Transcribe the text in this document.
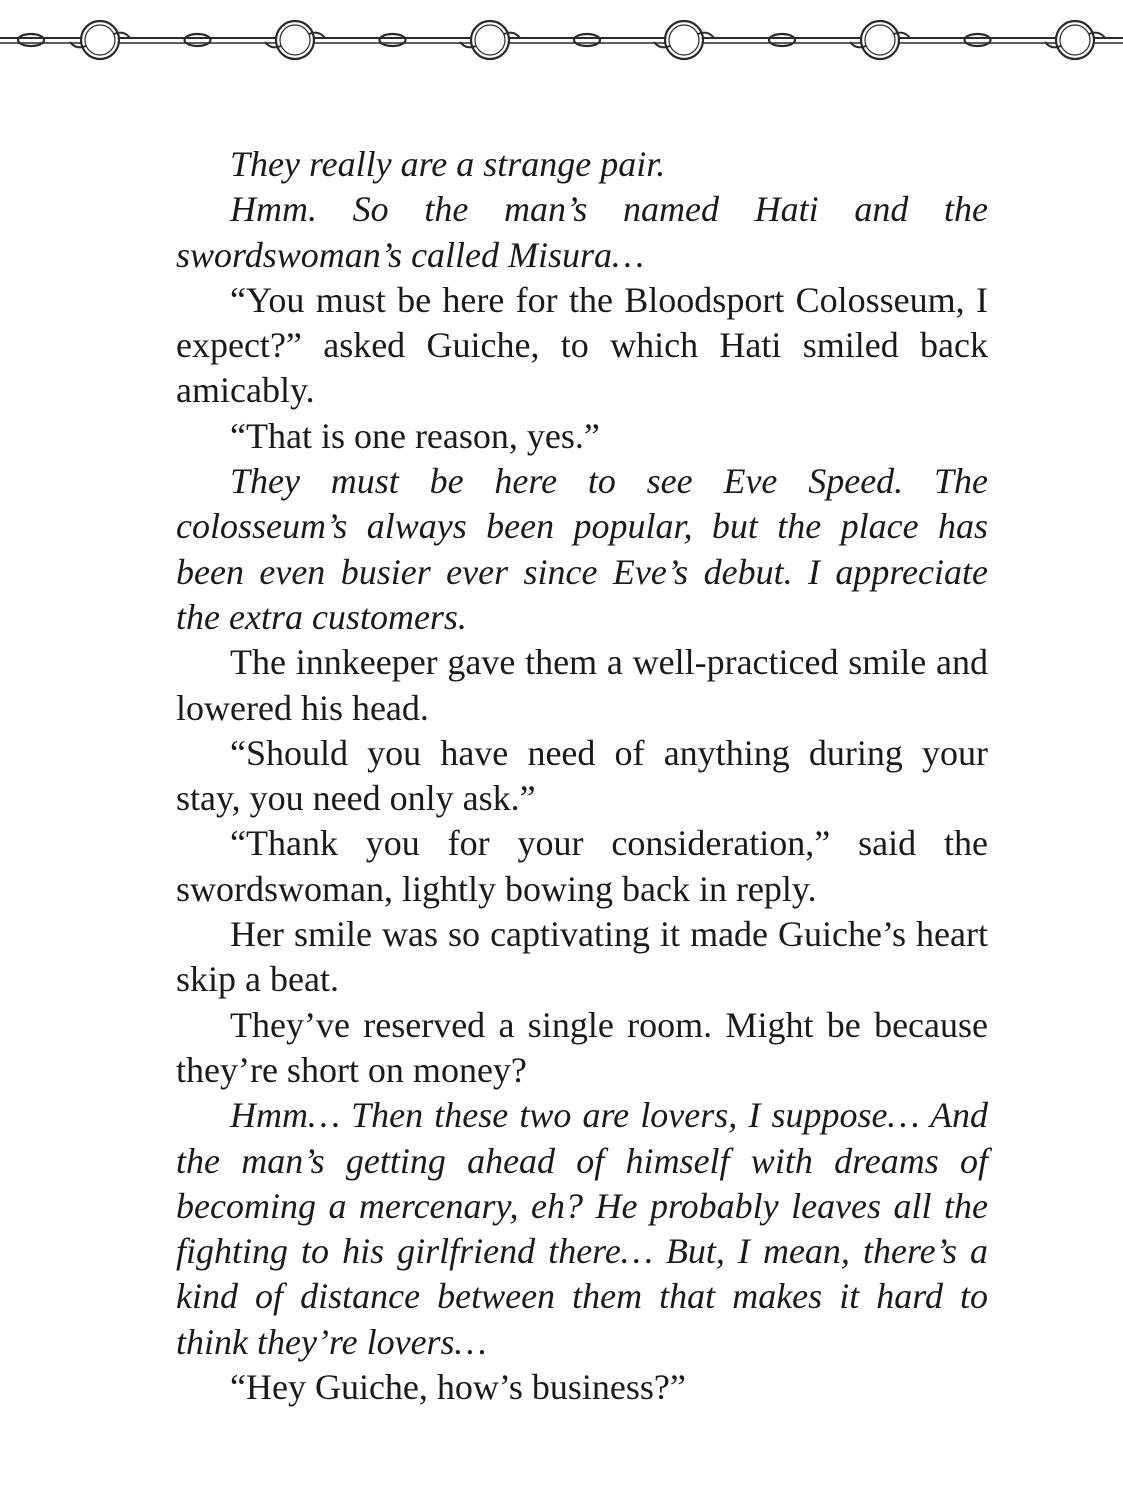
They really are a strange pair.

Hmm. So the man’s named Hati and the swordswoman’s called Misura…

“You must be here for the Bloodsport Colosseum, I expect?” asked Guiche, to which Hati smiled back amicably.

“That is one reason, yes.”

They must be here to see Eve Speed. The colosseum’s always been popular, but the place has been even busier ever since Eve’s debut. I appreciate the extra customers.

The innkeeper gave them a well-practiced smile and lowered his head.

“Should you have need of anything during your stay, you need only ask.”

“Thank you for your consideration,” said the swordswoman, lightly bowing back in reply.

Her smile was so captivating it made Guiche’s heart skip a beat.

They’ve reserved a single room. Might be because they’re short on money?

Hmm… Then these two are lovers, I suppose… And the man’s getting ahead of himself with dreams of becoming a mercenary, eh? He probably leaves all the fighting to his girlfriend there… But, I mean, there’s a kind of distance between them that makes it hard to think they’re lovers…

“Hey Guiche, how’s business?”
